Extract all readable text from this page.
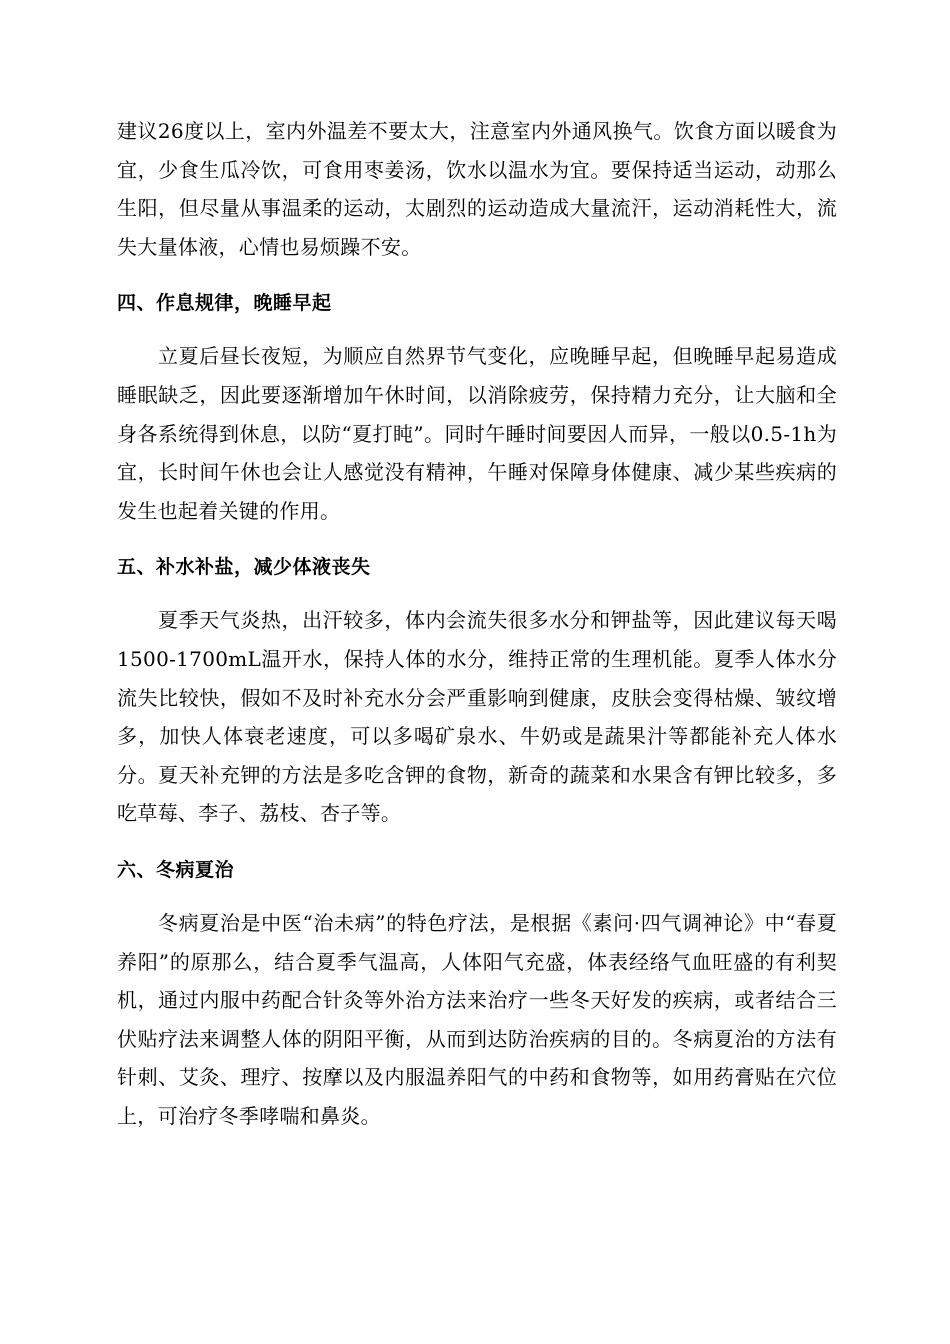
建议26度以上，室内外温差不要太大，注意室内外通风换气。饮食方面以暖食为宜，少食生瓜冷饮，可食用枣姜汤，饮水以温水为宜。要保持适当运动，动那么生阳，但尽量从事温柔的运动，太剧烈的运动造成大量流汗，运动消耗性大，流失大量体液，心情也易烦躁不安。

四、作息规律，晚睡早起

立夏后昼长夜短，为顺应自然界节气变化，应晚睡早起，但晚睡早起易造成睡眠缺乏，因此要逐渐增加午休时间，以消除疲劳，保持精力充分，让大脑和全身各系统得到休息，以防“夏打盹”。同时午睡时间要因人而异，一般以0.5-1h为宜，长时间午休也会让人感觉没有精神，午睡对保障身体健康、减少某些疾病的发生也起着关键的作用。

五、补水补盐，减少体液丧失

夏季天气炎热，出汗较多，体内会流失很多水分和钾盐等，因此建议每天喝1500-1700mL温开水，保持人体的水分，维持正常的生理机能。夏季人体水分流失比较快，假如不及时补充水分会严重影响到健康，皮肤会变得枯燥、皱纹增多，加快人体衰老速度，可以多喝矿泉水、牛奶或是蔬果汁等都能补充人体水分。夏天补充钾的方法是多吃含钾的食物，新奇的蔬菜和水果含有钾比较多，多吃草莓、李子、荔枝、杏子等。

六、冬病夏治

冬病夏治是中医“治未病”的特色疗法，是根据《素问·四气调神论》中“春夏养阳”的原那么，结合夏季气温高，人体阳气充盛，体表经络气血旺盛的有利契机，通过内服中药配合针灸等外治方法来治疗一些冬天好发的疾病，或者结合三伏贴疗法来调整人体的阴阳平衡，从而到达防治疾病的目的。冬病夏治的方法有针刺、艾灸、理疗、按摩以及内服温养阳气的中药和食物等，如用药膏贴在穴位上，可治疗冬季哮喘和鼻炎。
